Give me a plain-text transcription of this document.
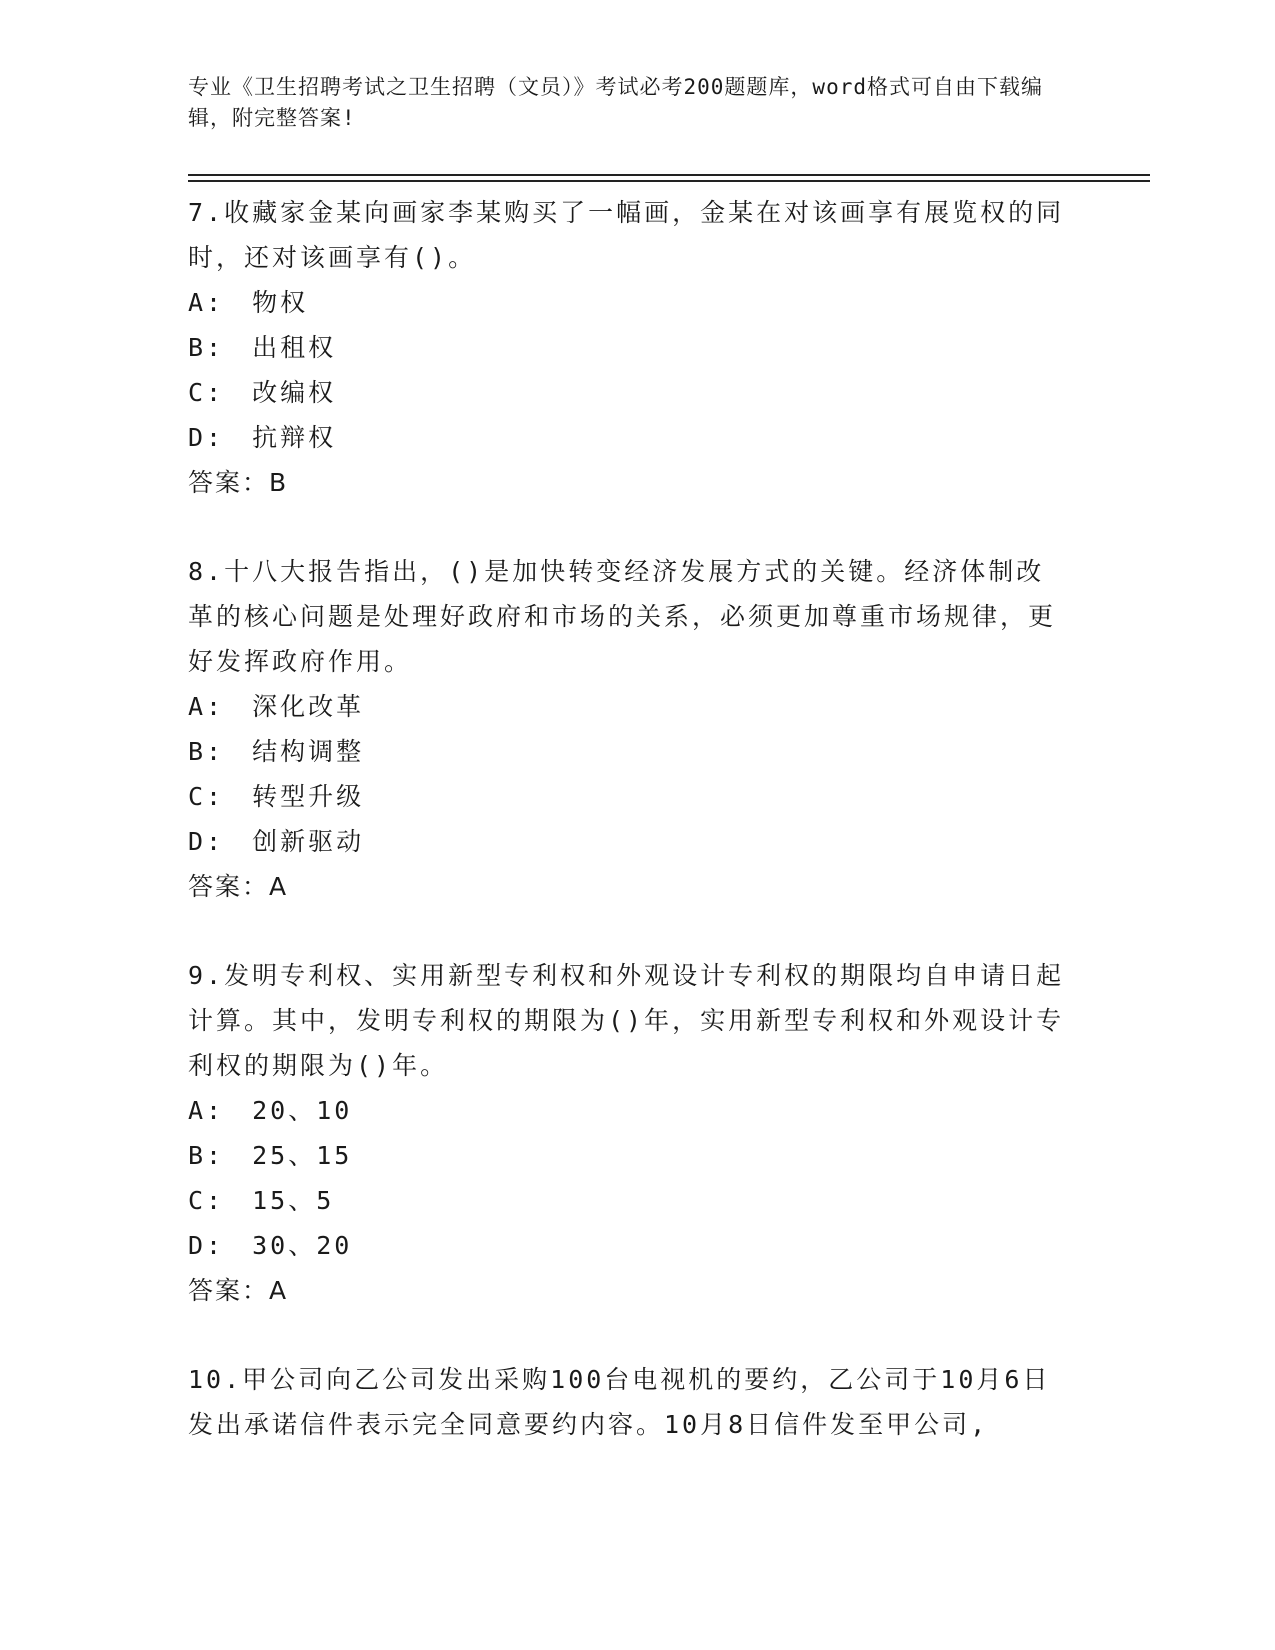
专业《卫生招聘考试之卫生招聘（文员）》考试必考200题题库，word格式可自由下载编辑，附完整答案!

7.收藏家金某向画家李某购买了一幅画，金某在对该画享有展览权的同时，还对该画享有()。

A: 物权
B: 出租权
C: 改编权
D: 抗辩权
答案：B

8.十八大报告指出，()是加快转变经济发展方式的关键。经济体制改革的核心问题是处理好政府和市场的关系，必须更加尊重市场规律，更好发挥政府作用。

A: 深化改革
B: 结构调整
C: 转型升级
D: 创新驱动
答案：A

9.发明专利权、实用新型专利权和外观设计专利权的期限均自申请日起计算。其中，发明专利权的期限为()年，实用新型专利权和外观设计专利权的期限为()年。

A: 20、10
B: 25、15
C: 15、5
D: 30、20
答案：A

10.甲公司向乙公司发出采购100台电视机的要约，乙公司于10月6日发出承诺信件表示完全同意要约内容。10月8日信件发至甲公司,
